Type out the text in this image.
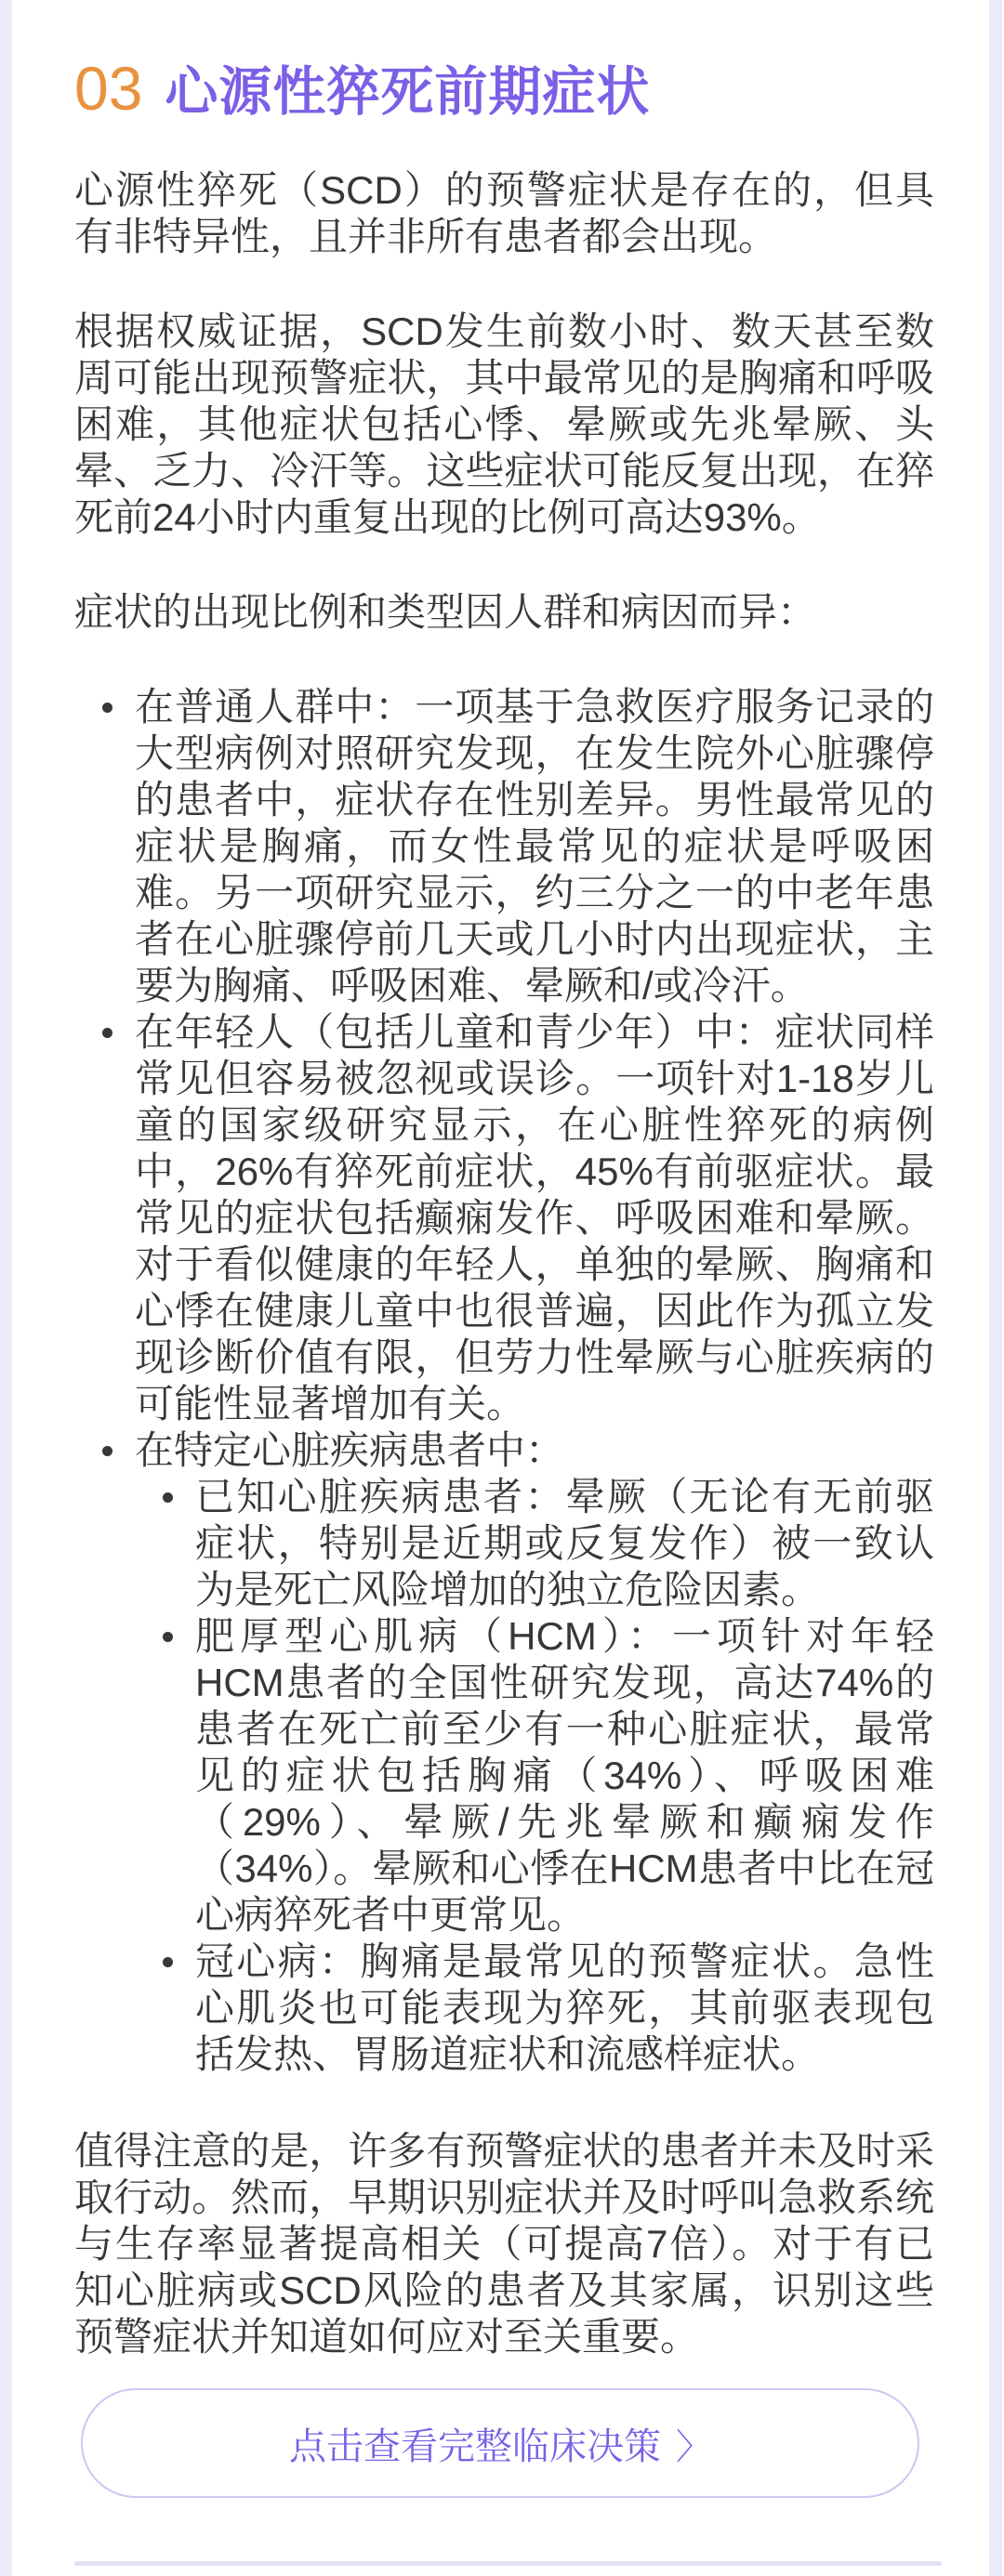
03 心源性猝死前期症状

心源性猝死（SCD）的预警症状是存在的，但具有非特异性，且并非所有患者都会出现。

根据权威证据，SCD发生前数小时、数天甚至数周可能出现预警症状，其中最常见的是胸痛和呼吸困难，其他症状包括心悸、晕厥或先兆晕厥、头晕、乏力、冷汗等。这些症状可能反复出现，在猝死前24小时内重复出现的比例可高达93%。

症状的出现比例和类型因人群和病因而异：

在普通人群中：一项基于急救医疗服务记录的大型病例对照研究发现，在发生院外心脏骤停的患者中，症状存在性别差异。男性最常见的症状是胸痛，而女性最常见的症状是呼吸困难。另一项研究显示，约三分之一的中老年患者在心脏骤停前几天或几小时内出现症状，主要为胸痛、呼吸困难、晕厥和/或冷汗。
在年轻人（包括儿童和青少年）中：症状同样常见但容易被忽视或误诊。一项针对1-18岁儿童的国家级研究显示，在心脏性猝死的病例中，26%有猝死前症状，45%有前驱症状。最常见的症状包括癫痫发作、呼吸困难和晕厥。对于看似健康的年轻人，单独的晕厥、胸痛和心悸在健康儿童中也很普遍，因此作为孤立发现诊断价值有限，但劳力性晕厥与心脏疾病的可能性显著增加有关。
在特定心脏疾病患者中：
已知心脏疾病患者：晕厥（无论有无前驱症状，特别是近期或反复发作）被一致认为是死亡风险增加的独立危险因素。
肥厚型心肌病（HCM）：一项针对年轻HCM患者的全国性研究发现，高达74%的患者在死亡前至少有一种心脏症状，最常见的症状包括胸痛（34%）、呼吸困难（29%）、晕厥/先兆晕厥和癫痫发作（34%）。晕厥和心悸在HCM患者中比在冠心病猝死者中更常见。
冠心病：胸痛是最常见的预警症状。急性心肌炎也可能表现为猝死，其前驱表现包括发热、胃肠道症状和流感样症状。

值得注意的是，许多有预警症状的患者并未及时采取行动。然而，早期识别症状并及时呼叫急救系统与生存率显著提高相关（可提高7倍）。对于有已知心脏病或SCD风险的患者及其家属，识别这些预警症状并知道如何应对至关重要。

点击查看完整临床决策 〉
